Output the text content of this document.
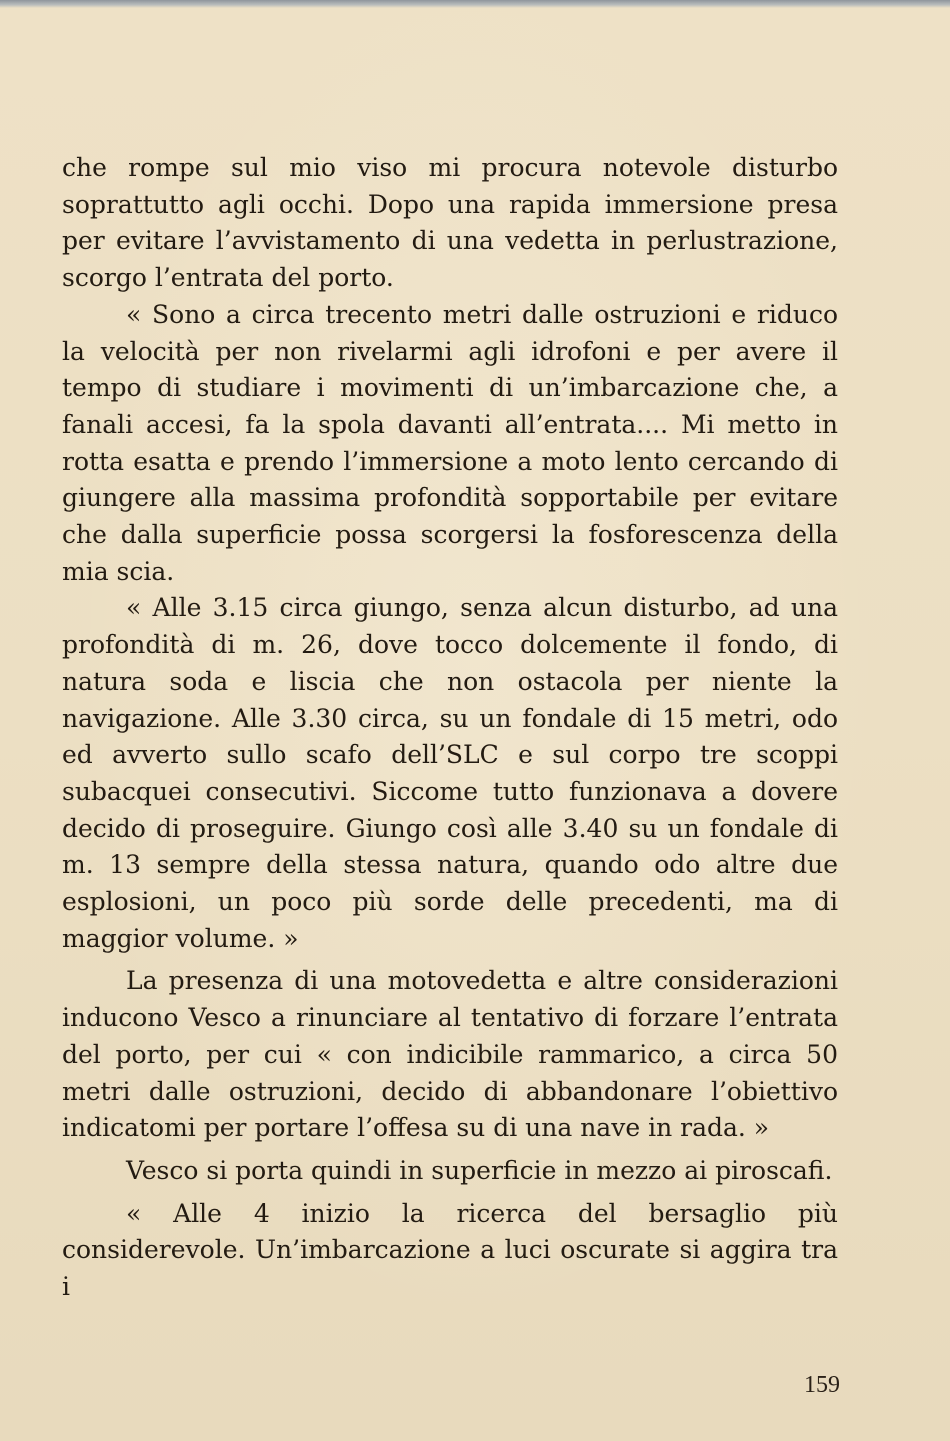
che rompe sul mio viso mi procura notevole disturbo soprattutto agli occhi. Dopo una rapida immersione presa per evitare l’avvistamento di una vedetta in perlustrazione, scorgo l’entrata del porto.

« Sono a circa trecento metri dalle ostruzioni e riduco la velocità per non rivelarmi agli idrofoni e per avere il tempo di studiare i movimenti di un’imbarcazione che, a fanali accesi, fa la spola davanti all’entrata.... Mi metto in rotta esatta e prendo l’immersione a moto lento cercando di giungere alla massima profondità sopportabile per evitare che dalla superficie possa scorgersi la fosforescenza della mia scia.

« Alle 3.15 circa giungo, senza alcun disturbo, ad una profondità di m. 26, dove tocco dolcemente il fondo, di natura soda e liscia che non ostacola per niente la navigazione. Alle 3.30 circa, su un fondale di 15 metri, odo ed avverto sullo scafo dell’SLC e sul corpo tre scoppi subacquei consecutivi. Siccome tutto funzionava a dovere decido di proseguire. Giungo così alle 3.40 su un fondale di m. 13 sempre della stessa natura, quando odo altre due esplosioni, un poco più sorde delle precedenti, ma di maggior volume. »

La presenza di una motovedetta e altre considerazioni inducono Vesco a rinunciare al tentativo di forzare l’entrata del porto, per cui « con indicibile rammarico, a circa 50 metri dalle ostruzioni, decido di abbandonare l’obiettivo indicatomi per portare l’offesa su di una nave in rada. »

Vesco si porta quindi in superficie in mezzo ai piroscafi.

« Alle 4 inizio la ricerca del bersaglio più considerevole. Un’imbarcazione a luci oscurate si aggira tra i

159
